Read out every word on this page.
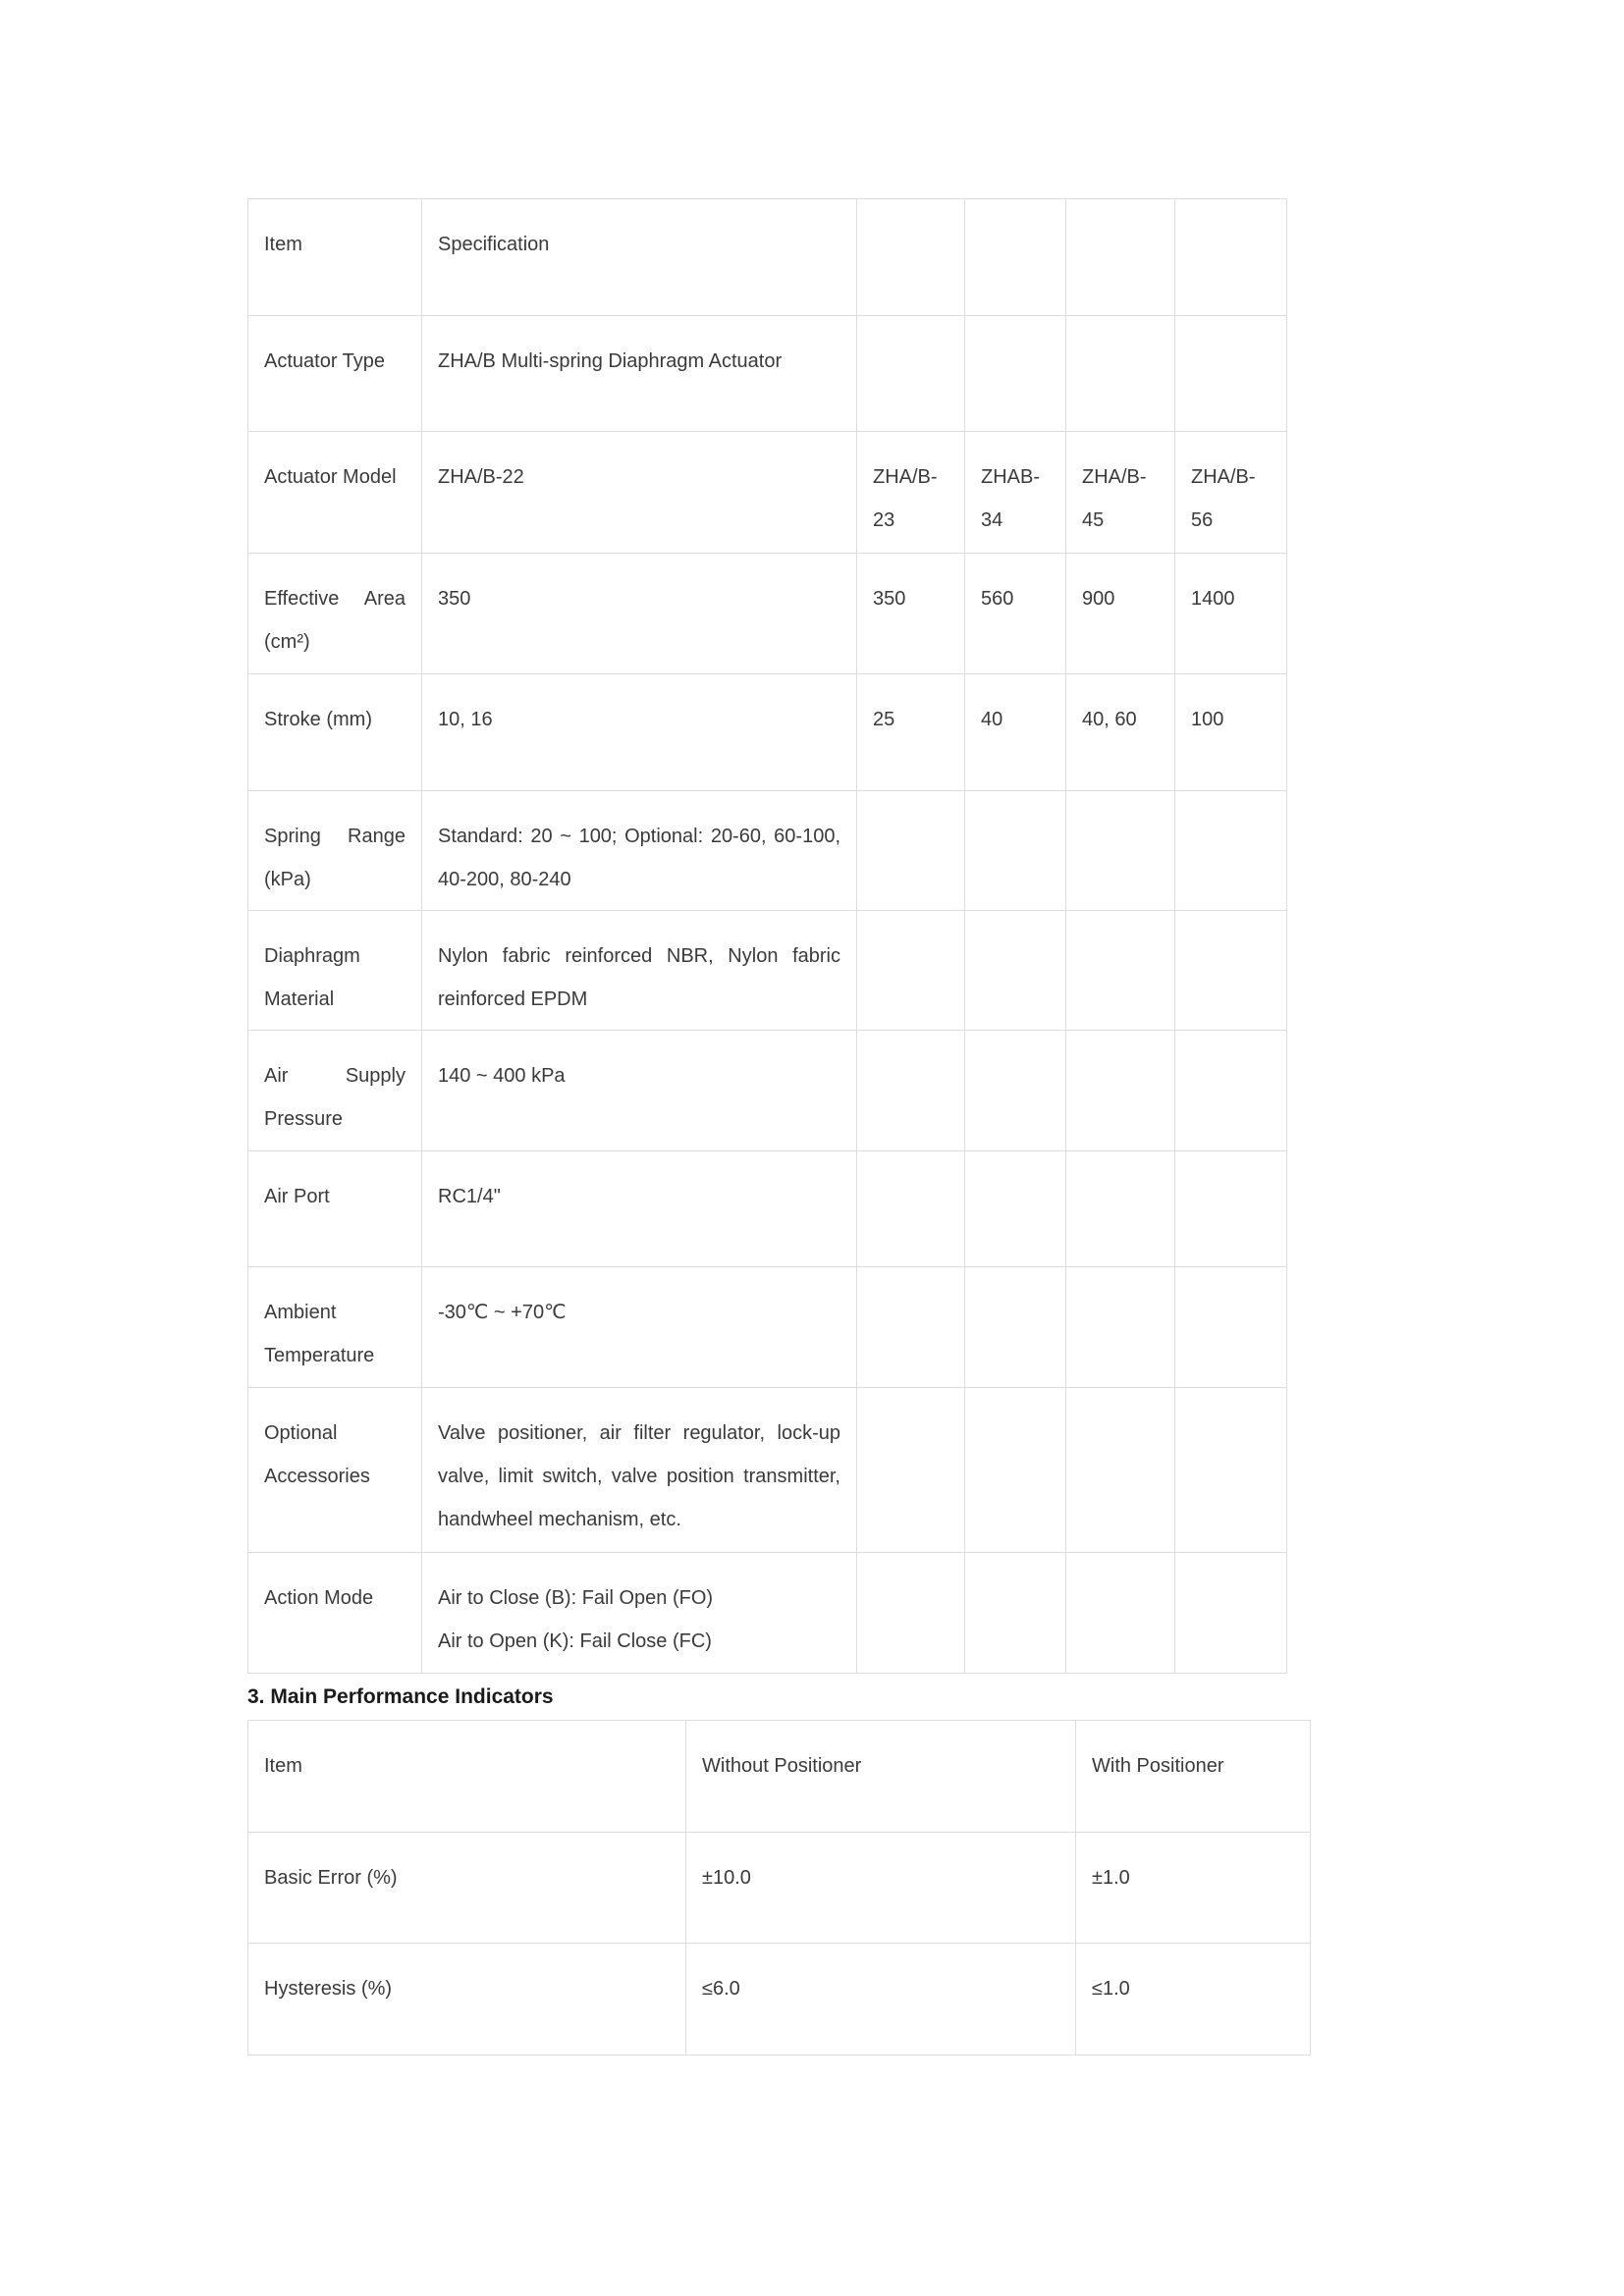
Item	Specification				

Actuator Type	ZHA/B Multi-spring Diaphragm Actuator				

Actuator Model	ZHA/B-22	ZHA/B-23	ZHAB-34	ZHA/B-45	ZHA/B-56

Effective Area (cm²)	350	350	560	900	1400

Stroke (mm)	10, 16	25	40	40, 60	100

Spring Range (kPa)	Standard: 20 ~ 100; Optional: 20-60, 60-100, 40-200, 80-240				

Diaphragm Material	Nylon fabric reinforced NBR, Nylon fabric reinforced EPDM				

Air Supply Pressure	140 ~ 400 kPa				

Air Port	RC1/4"				

Ambient Temperature	-30℃ ~ +70℃				

Optional Accessories	Valve positioner, air filter regulator, lock-up valve, limit switch, valve position transmitter, handwheel mechanism, etc.				

Action Mode	Air to Close (B): Fail Open (FO)
Air to Open (K): Fail Close (FC)				

3. Main Performance Indicators
Item	Without Positioner	With Positioner

Basic Error (%)	±10.0	±1.0

Hysteresis (%)	≤6.0	≤1.0
